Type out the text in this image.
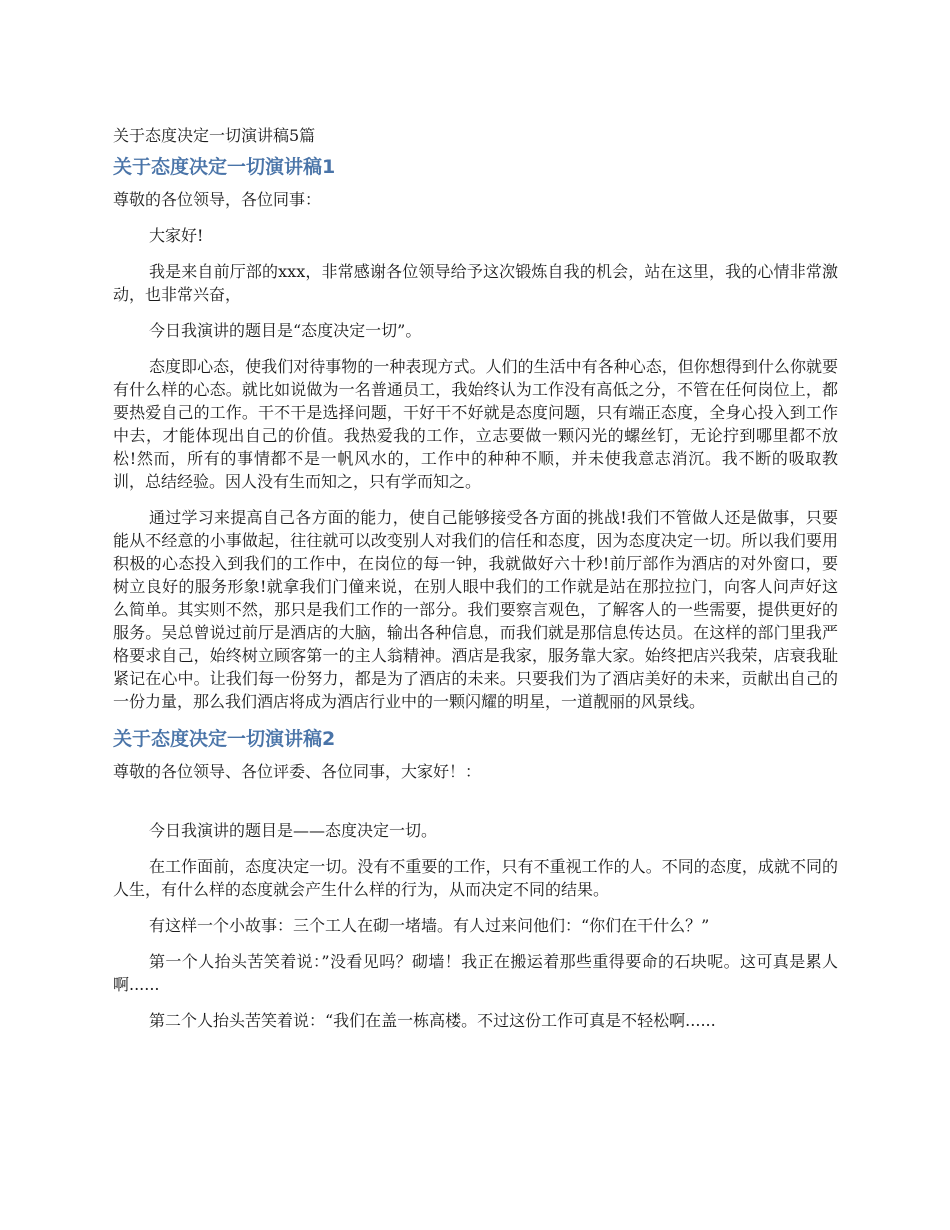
关于态度决定一切演讲稿5篇
关于态度决定一切演讲稿1

尊敬的各位领导，各位同事：

大家好!

我是来自前厅部的xxx，非常感谢各位领导给予这次锻炼自我的机会，站在这里，我的心情非常激动，也非常兴奋，

今日我演讲的题目是“态度决定一切”。

态度即心态，使我们对待事物的一种表现方式。人们的生活中有各种心态，但你想得到什么你就要有什么样的心态。就比如说做为一名普通员工，我始终认为工作没有高低之分，不管在任何岗位上，都要热爱自己的工作。干不干是选择问题，干好干不好就是态度问题，只有端正态度，全身心投入到工作中去，才能体现出自己的价值。我热爱我的工作，立志要做一颗闪光的螺丝钉，无论拧到哪里都不放松!然而，所有的事情都不是一帆风水的，工作中的种种不顺，并未使我意志消沉。我不断的吸取教训，总结经验。因人没有生而知之，只有学而知之。

通过学习来提高自己各方面的能力，使自己能够接受各方面的挑战!我们不管做人还是做事，只要能从不经意的小事做起，往往就可以改变别人对我们的信任和态度，因为态度决定一切。所以我们要用积极的心态投入到我们的工作中，在岗位的每一钟，我就做好六十秒!前厅部作为酒店的对外窗口，要树立良好的服务形象!就拿我们门僮来说，在别人眼中我们的工作就是站在那拉拉门，向客人问声好这么简单。其实则不然，那只是我们工作的一部分。我们要察言观色，了解客人的一些需要，提供更好的服务。吴总曾说过前厅是酒店的大脑，输出各种信息，而我们就是那信息传达员。在这样的部门里我严格要求自己，始终树立顾客第一的主人翁精神。酒店是我家，服务靠大家。始终把店兴我荣，店衰我耻紧记在心中。让我们每一份努力，都是为了酒店的未来。只要我们为了酒店美好的未来，贡献出自己的一份力量，那么我们酒店将成为酒店行业中的一颗闪耀的明星，一道靓丽的风景线。

关于态度决定一切演讲稿2

尊敬的各位领导、各位评委、各位同事，大家好！：

今日我演讲的题目是——态度决定一切。

在工作面前，态度决定一切。没有不重要的工作，只有不重视工作的人。不同的态度，成就不同的人生，有什么样的态度就会产生什么样的行为，从而决定不同的结果。

有这样一个小故事：三个工人在砌一堵墙。有人过来问他们：“你们在干什么？”

第一个人抬头苦笑着说：”没看见吗？砌墙！我正在搬运着那些重得要命的石块呢。这可真是累人啊......

第二个人抬头苦笑着说：“我们在盖一栋高楼。不过这份工作可真是不轻松啊......
